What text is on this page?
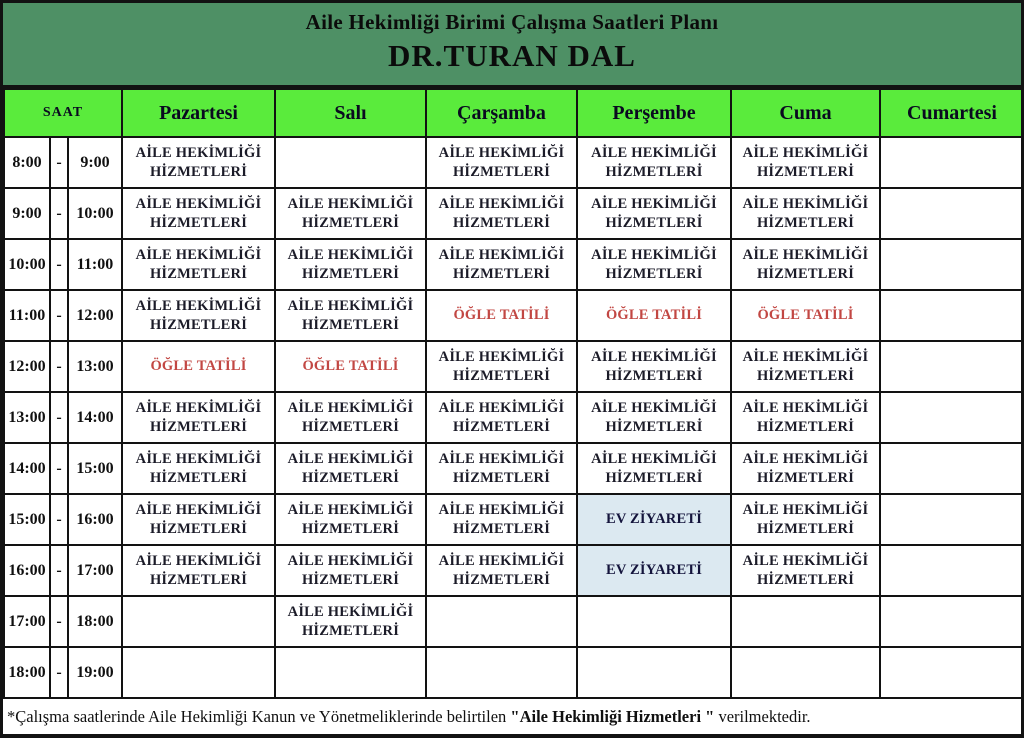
Aile Hekimliği Birimi Çalışma Saatleri Planı
DR.TURAN DAL
SAAT			Pazartesi	Salı	Çarşamba	Perşembe	Cuma	Cumartesi
8:00	-	9:00	AİLE HEKİMLİĞİ HİZMETLERİ		AİLE HEKİMLİĞİ HİZMETLERİ	AİLE HEKİMLİĞİ HİZMETLERİ	AİLE HEKİMLİĞİ HİZMETLERİ	
9:00	-	10:00	AİLE HEKİMLİĞİ HİZMETLERİ	AİLE HEKİMLİĞİ HİZMETLERİ	AİLE HEKİMLİĞİ HİZMETLERİ	AİLE HEKİMLİĞİ HİZMETLERİ	AİLE HEKİMLİĞİ HİZMETLERİ	
10:00	-	11:00	AİLE HEKİMLİĞİ HİZMETLERİ	AİLE HEKİMLİĞİ HİZMETLERİ	AİLE HEKİMLİĞİ HİZMETLERİ	AİLE HEKİMLİĞİ HİZMETLERİ	AİLE HEKİMLİĞİ HİZMETLERİ	
11:00	-	12:00	AİLE HEKİMLİĞİ HİZMETLERİ	AİLE HEKİMLİĞİ HİZMETLERİ	ÖĞLE TATİLİ	ÖĞLE TATİLİ	ÖĞLE TATİLİ	
12:00	-	13:00	ÖĞLE TATİLİ	ÖĞLE TATİLİ	AİLE HEKİMLİĞİ HİZMETLERİ	AİLE HEKİMLİĞİ HİZMETLERİ	AİLE HEKİMLİĞİ HİZMETLERİ	
13:00	-	14:00	AİLE HEKİMLİĞİ HİZMETLERİ	AİLE HEKİMLİĞİ HİZMETLERİ	AİLE HEKİMLİĞİ HİZMETLERİ	AİLE HEKİMLİĞİ HİZMETLERİ	AİLE HEKİMLİĞİ HİZMETLERİ	
14:00	-	15:00	AİLE HEKİMLİĞİ HİZMETLERİ	AİLE HEKİMLİĞİ HİZMETLERİ	AİLE HEKİMLİĞİ HİZMETLERİ	AİLE HEKİMLİĞİ HİZMETLERİ	AİLE HEKİMLİĞİ HİZMETLERİ	
15:00	-	16:00	AİLE HEKİMLİĞİ HİZMETLERİ	AİLE HEKİMLİĞİ HİZMETLERİ	AİLE HEKİMLİĞİ HİZMETLERİ	EV ZİYARETİ	AİLE HEKİMLİĞİ HİZMETLERİ	
16:00	-	17:00	AİLE HEKİMLİĞİ HİZMETLERİ	AİLE HEKİMLİĞİ HİZMETLERİ	AİLE HEKİMLİĞİ HİZMETLERİ	EV ZİYARETİ	AİLE HEKİMLİĞİ HİZMETLERİ	
17:00	-	18:00		AİLE HEKİMLİĞİ HİZMETLERİ				
18:00	-	19:00						
*Çalışma saatlerinde Aile Hekimliği Kanun ve Yönetmeliklerinde belirtilen "Aile Hekimliği Hizmetleri " verilmektedir.
